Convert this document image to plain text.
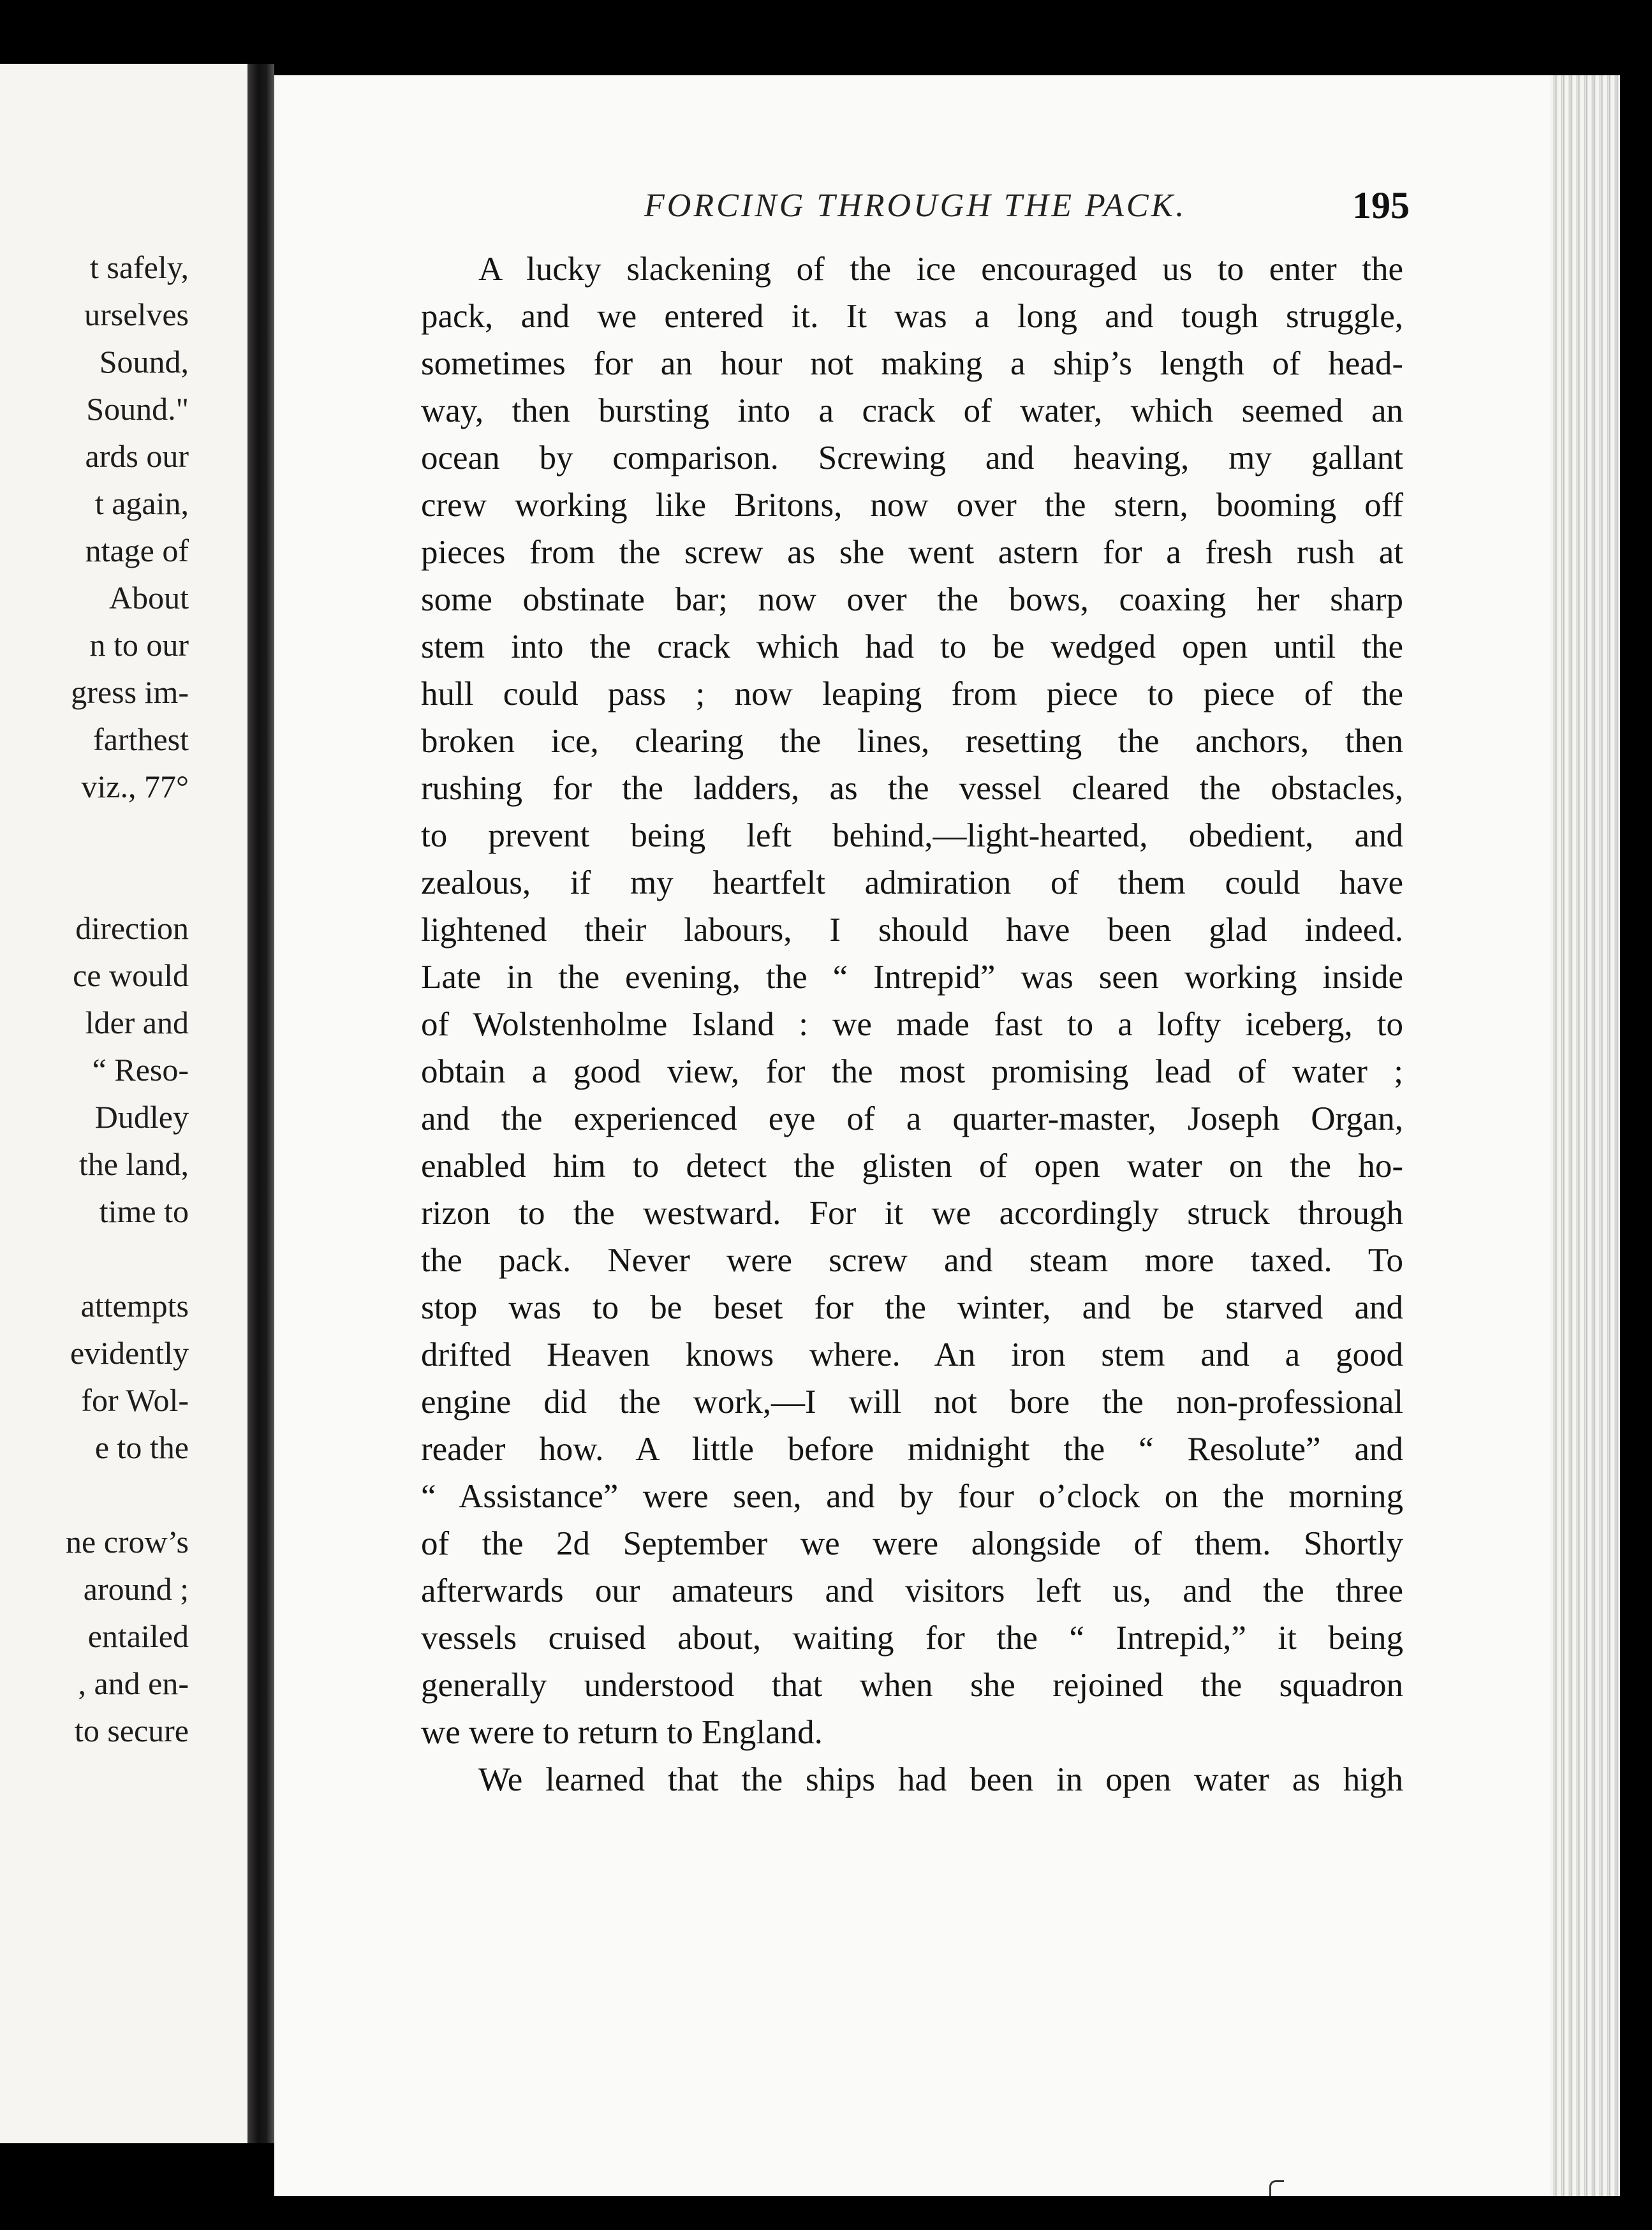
t safely,
urselves
Sound,
Sound."
ards our
t again,
ntage of
About
n to our
gress im-
farthest
viz., 77°
direction
ce would
lder and
“ Reso-
Dudley
the land,
time to
attempts
evidently
for Wol-
e to the
ne crow’s
around ;
entailed
, and en-
to secure
FORCING THROUGH THE PACK.	195
A lucky slackening of the ice encouraged us to enter the
pack, and we entered it. It was a long and tough struggle,
sometimes for an hour not making a ship’s length of head-
way, then bursting into a crack of water, which seemed an
ocean by comparison. Screwing and heaving, my gallant
crew working like Britons, now over the stern, booming off
pieces from the screw as she went astern for a fresh rush at
some obstinate bar; now over the bows, coaxing her sharp
stem into the crack which had to be wedged open until the
hull could pass ; now leaping from piece to piece of the
broken ice, clearing the lines, resetting the anchors, then
rushing for the ladders, as the vessel cleared the obstacles,
to prevent being left behind,—light-hearted, obedient, and
zealous, if my heartfelt admiration of them could have
lightened their labours, I should have been glad indeed.
Late in the evening, the “ Intrepid” was seen working inside
of Wolstenholme Island : we made fast to a lofty iceberg, to
obtain a good view, for the most promising lead of water ;
and the experienced eye of a quarter-master, Joseph Organ,
enabled him to detect the glisten of open water on the ho-
rizon to the westward. For it we accordingly struck through
the pack. Never were screw and steam more taxed. To
stop was to be beset for the winter, and be starved and
drifted Heaven knows where. An iron stem and a good
engine did the work,—I will not bore the non-professional
reader how. A little before midnight the “ Resolute” and
“ Assistance” were seen, and by four o’clock on the morning
of the 2d September we were alongside of them. Shortly
afterwards our amateurs and visitors left us, and the three
vessels cruised about, waiting for the “ Intrepid,” it being
generally understood that when she rejoined the squadron
we were to return to England.
We learned that the ships had been in open water as high
